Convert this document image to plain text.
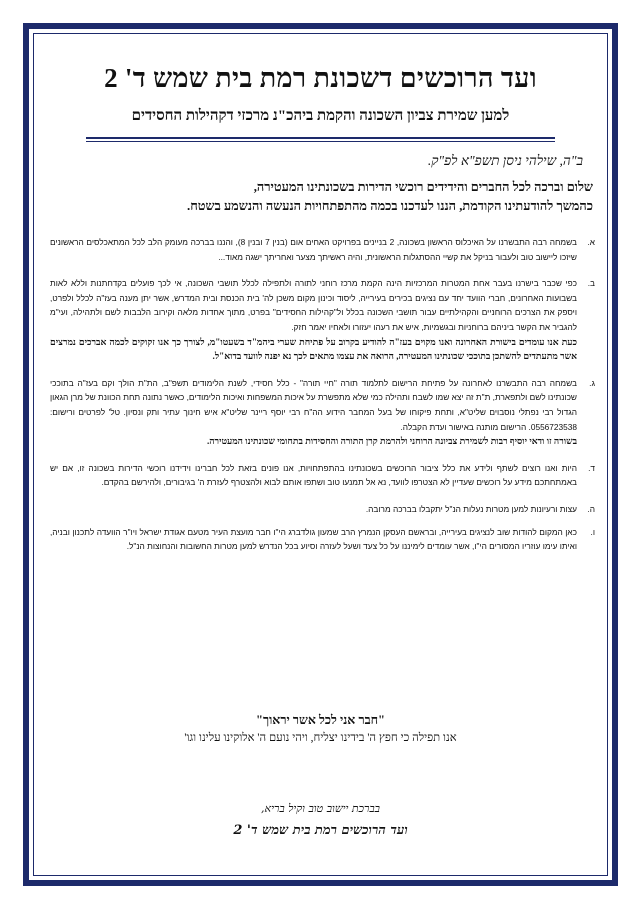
ועד הרוכשים דשכונת רמת בית שמש ד' 2
למען שמירת צביון השכונה והקמת ביהכ"נ מרכזי דקהילות החסידים
ב"ה, שילהי ניסן תשפ"א לפ"ק.
שלום וברכה לכל החברים והידידים רוכשי הדירות בשכונתינו המעטירה,
כהמשך להודעתינו הקודמת, הננו לעדכנו בכמה מהתפתחויות הנעשה והנשמע בשטח.
א.

בשמחה רבה התבשרנו על האיכלוס הראשון בשכונה, 2 בניינים בפרויקט האחים אום (בנין 7 ובנין 8), והננו בברכה מעומק הלב לכל המתאכלסים הראשונים שיזכו ליישוב טוב ולעבור בניקל את קשיי ההסתגלות הראשונית, והיה ראשיתך מצער ואחריתך ישגה מאוד...

ב.

כפי שכבר בישרנו בעבר אחת המטרות המרכזיות הינה הקמת מרכז רוחני לתורה ולתפילה לכלל תושבי השכונה, אי לכך פועלים בקדחתנות וללא לאות בשבועות האחרונים, חברי הוועד יחד עם נציגים בכירים בעירייה, ליסוד וכינון מקום משכן לה' בית הכנסת ובית המדרש, אשר יתן מענה בעז"ה לכלל ולפרט, ויספק את הצרכים הרוחניים והקהילתיים עבור תושבי השכונה בכלל ול"קהילות החסידים" בפרט, מתוך אחדות מלאה וקירוב הלבבות לשם ולתהילה, ועי"מ להגביר את הקשר ביניהם ברוחניות ובגשמיות, איש את רעהו יעזורו ולאחיו יאמר חזק.

כעת אנו עומדים בישורת האחרונה ואנו מקוים בעז"ה להודיע בקרוב על פתיחת שערי ביהמ"ד בשעטו"מ, לצורך כך אנו זקוקים לכמה אברכים נמרצים אשר מתעתדים להשתכן בתוככי שכונתינו המעטירה, הרואה את עצמו מתאים לכך נא יפנה לוועד בדוא"ל.

ג.

בשמחה רבה התבשרנו לאחרונה על פתיחת הרישום לתלמוד תורה "חיי תורה" - כלל חסידי, לשנת הלימודים תשפ"ב, הת"ת הולך וקם בעז"ה בתוככי שכונתינו לשם ולתפארת, ת"ת זה יצא שמו לשבח ותהילה כמי שלא מתפשרת על איכות המשפחות ואיכות הלימודים, כאשר נתונה תחת הכוונת של מרן הגאון הגדול רבי נפתלי נוסבוים שליט"א, ותחת פיקוחו של בעל המחבר הידוע הה"ח רבי יוסף ריינר שליט"א איש חינוך עתיר ותק ונסיון. טל' לפרטים ורישום: 0556723538. הרישום מותנה באישור ועדת הקבלה.

בשורה זו ודאי יוסיף רבות לשמירת צביונה הרוחני ולהרמת קרן התורה והחסידות בתחומי שכונתינו המעטירה.

ד.

היות ואנו רוצים לשתף ולידע את כלל ציבור הרוכשים בשכונתינו בהתפתחויות, אנו פונים בזאת לכל חברינו וידידנו רוכשי הדירות בשכונה זו, אם יש באמתחתכם מידע על רוכשים שעדיין לא הצטרפו לוועד, נא אל תמנעו טוב ושתפו אותם לבוא ולהצטרף לעזרת ה' בגיבורים, ולהירשם בהקדם.

ה.

עצות ורעיונות למען מטרות נעלות הנ"ל יתקבלו בברכה מרובה.

ו.

כאן המקום להודות שוב לנציגים בעירייה, ובראשם העסקן הנמרץ הרב שמעון גולדברג הי"ו חבר מועצת העיר מטעם אגודת ישראל ויו"ר הוועדה לתכנון ובניה, ואיתו עימו עוזריו המסורים הי"ו, אשר עומדים לימיננו על כל צעד ושעל לעזרה וסיוע בכל הנדרש למען מטרות החשובות והנחוצות הנ"ל.

"חבר אני לכל אשר יראוך"
אנו תפילה כי חפץ ה' בידינו יצליח, ויהי נועם ה' אלוקינו עלינו וגו'
בברכת יישוב טוב וקיל בריא,
ועד הרוכשים רמת בית שמש ד' 2
